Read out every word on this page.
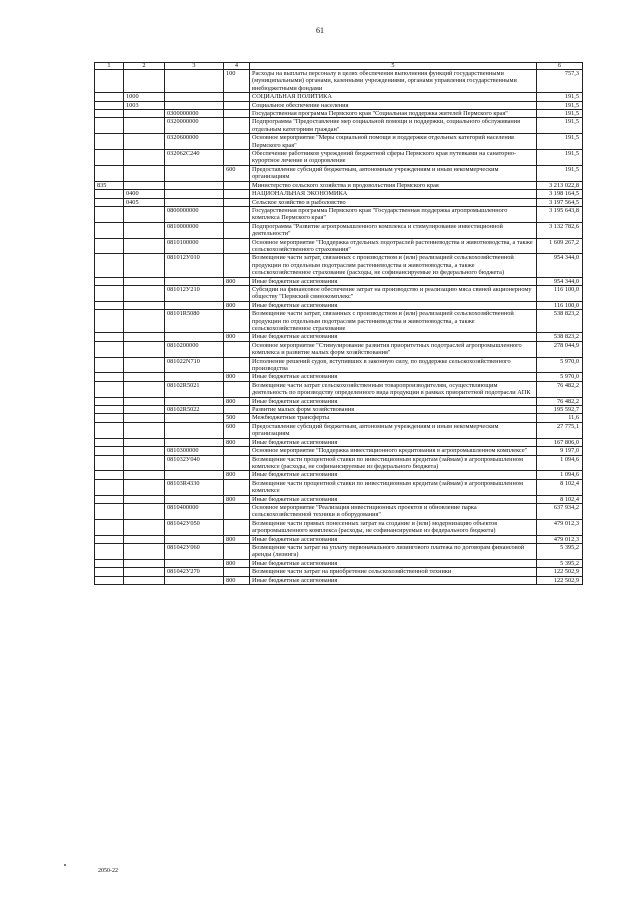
61
1	2	3	4	5	6
			100	Расходы на выплаты персоналу в целях обеспечения выполнения функций государственными (муниципальными) органами, казенными учреждениями, органами управления государственными внебюджетными фондами	757,3
	1000			СОЦИАЛЬНАЯ ПОЛИТИКА	191,5
	1003			Социальное обеспечение населения	191,5
		0300000000		Государственная программа Пермского края "Социальная поддержка жителей Пермского края"	191,5
		0320000000		Подпрограмма "Предоставление мер социальной помощи и поддержки, социального обслуживания отдельным категориям граждан"	191,5
		0320600000		Основное мероприятие "Меры социальной помощи и поддержки отдельных категорий населения Пермского края"	191,5
		032062С240		Обеспечение работников учреждений бюджетной сферы Пермского края путевками на санаторно-курортное лечение и оздоровление	191,5
			600	Предоставление субсидий бюджетным, автономным учреждениям и иным некоммерческим организациям	191,5
835				Министерство сельского хозяйства и продовольствия Пермского края	3 213 022,8
	0400			НАЦИОНАЛЬНАЯ ЭКОНОМИКА	3 198 164,5
	0405			Сельское хозяйство и рыболовство	3 197 564,5
		0800000000		Государственная программа Пермского края "Государственная поддержка агропромышленного комплекса Пермского края"	3 195 643,8
		0810000000		Подпрограмма "Развитие агропромышленного комплекса и стимулирование инвестиционной деятельности"	3 132 782,6
		0810100000		Основное мероприятие "Поддержка отдельных подотраслей растениеводства и животноводства, а также сельскохозяйственного страхования"	1 609 267,2
		081012У010		Возмещение части затрат, связанных с производством и (или) реализацией сельскохозяйственной продукции по отдельным подотраслям растениеводства и животноводства, а также сельскохозяйственное страхование (расходы, не софинансируемые из федерального бюджета)	954 344,0
			800	Иные бюджетные ассигнования	954 344,0
		081012У210		Субсидии на финансовое обеспечение затрат на производство и реализацию мяса свиней акционерному обществу "Пермский свинокомплекс"	116 100,0
			800	Иные бюджетные ассигнования	116 100,0
		08101R5080		Возмещение части затрат, связанных с производством и (или) реализацией сельскохозяйственной продукции по отдельным подотраслям растениеводства и животноводства, а также сельскохозяйственное страхование	538 823,2
			800	Иные бюджетные ассигнования	538 823,2
		0810200000		Основное мероприятие "Стимулирование развития приоритетных подотраслей агропромышленного комплекса и развитие малых форм хозяйствования"	278 044,9
		081022N710		Исполнение решений судов, вступивших в законную силу, по поддержке сельскохозяйственного производства	5 970,0
			800	Иные бюджетные ассигнования	5 970,0
		08102R5021		Возмещение части затрат сельскохозяйственным товаропроизводителям, осуществляющим деятельность по производству определенного вида продукции в рамках приоритетной подотрасли АПК	76 482,2
			800	Иные бюджетные ассигнования	76 482,2
		08102R5022		Развитие малых форм хозяйствования	195 592,7
			500	Межбюджетные трансферты	11,6
			600	Предоставление субсидий бюджетным, автономным учреждениям и иным некоммерческим организациям	27 775,1
			800	Иные бюджетные ассигнования	167 806,0
		0810300000		Основное мероприятие "Поддержка инвестиционного кредитования в агропромышленном комплексе"	9 197,0
		081032У040		Возмещение части процентной ставки по инвестиционным кредитам (займам) в агропромышленном комплексе (расходы, не софинансируемые из федерального бюджета)	1 094,6
			800	Иные бюджетные ассигнования	1 094,6
		08103R4330		Возмещение части процентной ставки по инвестиционным кредитам (займам) в агропромышленном комплексе	8 102,4
			800	Иные бюджетные ассигнования	8 102,4
		0810400000		Основное мероприятие "Реализация инвестиционных проектов и обновление парка сельскохозяйственной техники и оборудования"	637 934,2
		081042У050		Возмещение части прямых понесенных затрат на создание и (или) модернизацию объектов агропромышленного комплекса (расходы, не софинансируемые из федерального бюджета)	479 012,3
			800	Иные бюджетные ассигнования	479 012,3
		081042У060		Возмещение части затрат на уплату первоначального лизингового платежа по договорам финансовой аренды (лизинга)	5 395,2
			800	Иные бюджетные ассигнования	5 395,2
		081042У270		Возмещение части затрат на приобретение сельскохозяйственной техники	122 502,9
			800	Иные бюджетные ассигнования	122 502,9
2050-22
